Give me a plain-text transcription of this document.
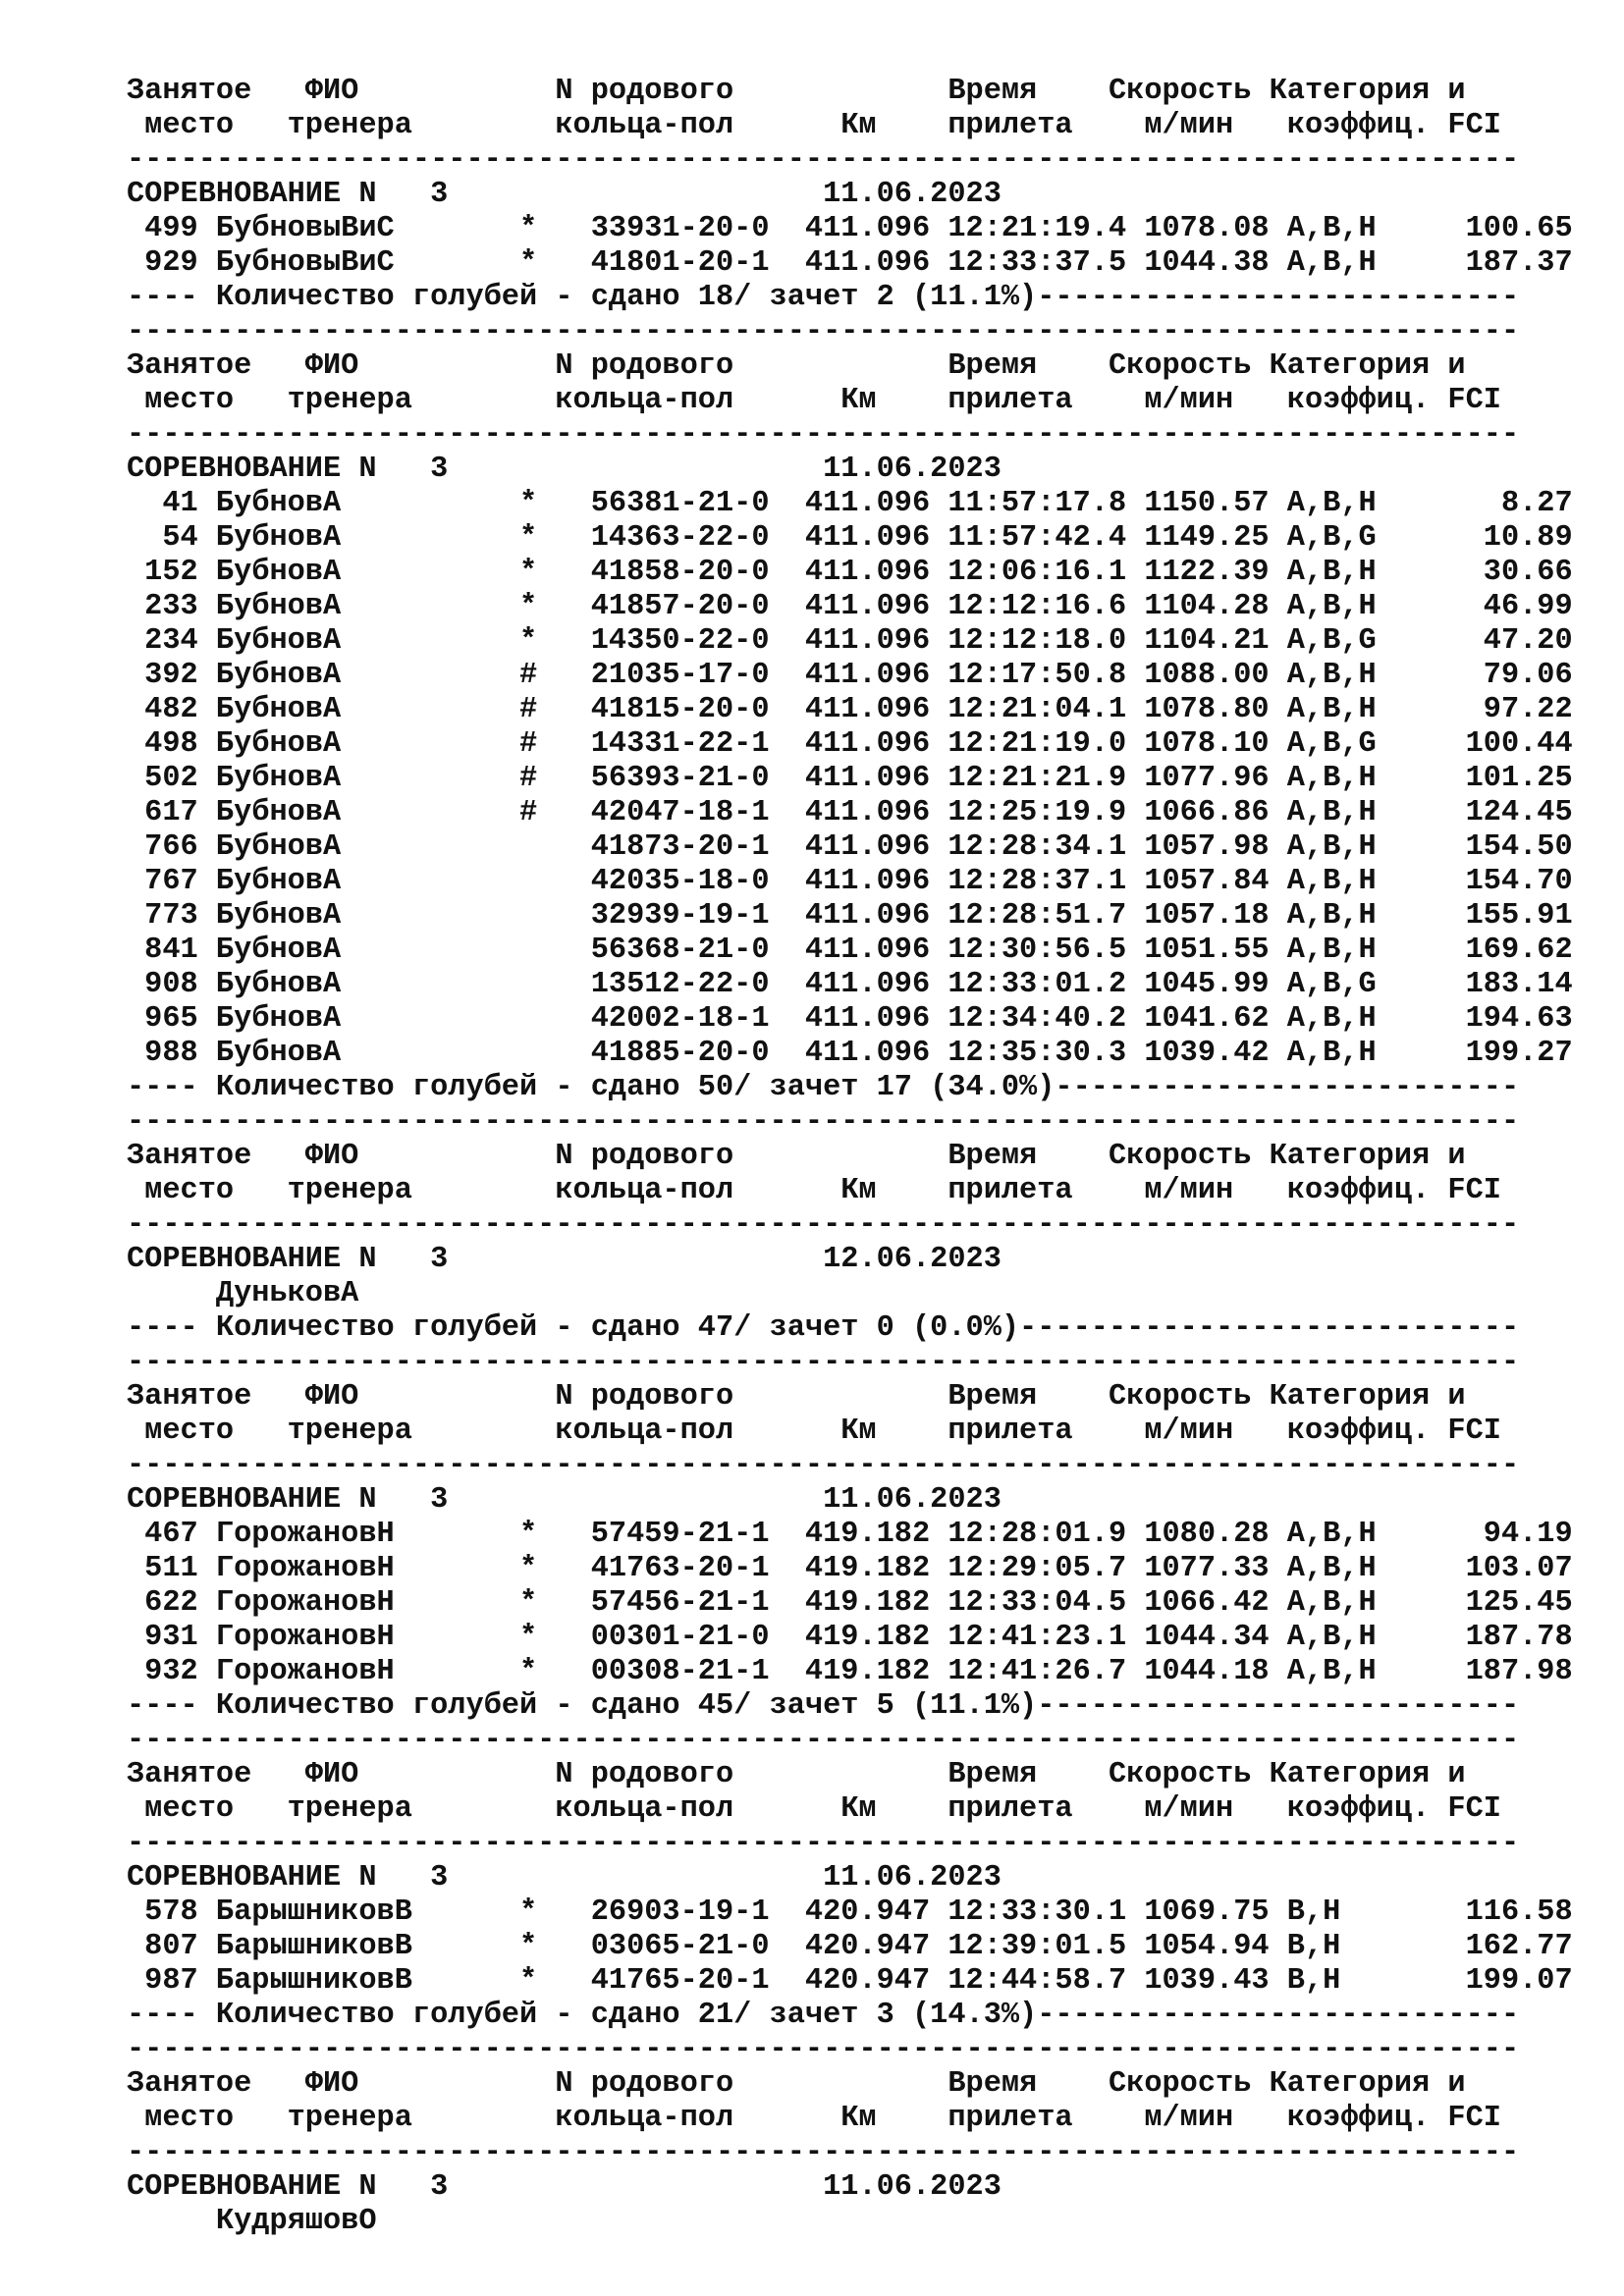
Занятое   ФИО           N родового            Время    Скорость Категория и
место   тренера        кольца-пол      Км    прилета    м/мин   коэффиц. FCI
------------------------------------------------------------------------------
СОРЕВНОВАНИЕ N   3                     11.06.2023
499 БубновыВиС       *   33931-20-0  411.096 12:21:19.4 1078.08 A,B,H     100.65
929 БубновыВиС       *   41801-20-1  411.096 12:33:37.5 1044.38 A,B,H     187.37
---- Количество голубей - сдано 18/ зачет 2 (11.1%)---------------------------
------------------------------------------------------------------------------
Занятое   ФИО           N родового            Время    Скорость Категория и
место   тренера        кольца-пол      Км    прилета    м/мин   коэффиц. FCI
------------------------------------------------------------------------------
СОРЕВНОВАНИЕ N   3                     11.06.2023
41 БубновА          *   56381-21-0  411.096 11:57:17.8 1150.57 A,B,H       8.27
54 БубновА          *   14363-22-0  411.096 11:57:42.4 1149.25 A,B,G      10.89
152 БубновА          *   41858-20-0  411.096 12:06:16.1 1122.39 A,B,H      30.66
233 БубновА          *   41857-20-0  411.096 12:12:16.6 1104.28 A,B,H      46.99
234 БубновА          *   14350-22-0  411.096 12:12:18.0 1104.21 A,B,G      47.20
392 БубновА          #   21035-17-0  411.096 12:17:50.8 1088.00 A,B,H      79.06
482 БубновА          #   41815-20-0  411.096 12:21:04.1 1078.80 A,B,H      97.22
498 БубновА          #   14331-22-1  411.096 12:21:19.0 1078.10 A,B,G     100.44
502 БубновА          #   56393-21-0  411.096 12:21:21.9 1077.96 A,B,H     101.25
617 БубновА          #   42047-18-1  411.096 12:25:19.9 1066.86 A,B,H     124.45
766 БубновА              41873-20-1  411.096 12:28:34.1 1057.98 A,B,H     154.50
767 БубновА              42035-18-0  411.096 12:28:37.1 1057.84 A,B,H     154.70
773 БубновА              32939-19-1  411.096 12:28:51.7 1057.18 A,B,H     155.91
841 БубновА              56368-21-0  411.096 12:30:56.5 1051.55 A,B,H     169.62
908 БубновА              13512-22-0  411.096 12:33:01.2 1045.99 A,B,G     183.14
965 БубновА              42002-18-1  411.096 12:34:40.2 1041.62 A,B,H     194.63
988 БубновА              41885-20-0  411.096 12:35:30.3 1039.42 A,B,H     199.27
---- Количество голубей - сдано 50/ зачет 17 (34.0%)--------------------------
------------------------------------------------------------------------------
Занятое   ФИО           N родового            Время    Скорость Категория и
место   тренера        кольца-пол      Км    прилета    м/мин   коэффиц. FCI
------------------------------------------------------------------------------
СОРЕВНОВАНИЕ N   3                     12.06.2023
ДуньковА
---- Количество голубей - сдано 47/ зачет 0 (0.0%)----------------------------
------------------------------------------------------------------------------
Занятое   ФИО           N родового            Время    Скорость Категория и
место   тренера        кольца-пол      Км    прилета    м/мин   коэффиц. FCI
------------------------------------------------------------------------------
СОРЕВНОВАНИЕ N   3                     11.06.2023
467 ГорожановН       *   57459-21-1  419.182 12:28:01.9 1080.28 A,B,H      94.19
511 ГорожановН       *   41763-20-1  419.182 12:29:05.7 1077.33 A,B,H     103.07
622 ГорожановН       *   57456-21-1  419.182 12:33:04.5 1066.42 A,B,H     125.45
931 ГорожановН       *   00301-21-0  419.182 12:41:23.1 1044.34 A,B,H     187.78
932 ГорожановН       *   00308-21-1  419.182 12:41:26.7 1044.18 A,B,H     187.98
---- Количество голубей - сдано 45/ зачет 5 (11.1%)---------------------------
------------------------------------------------------------------------------
Занятое   ФИО           N родового            Время    Скорость Категория и
место   тренера        кольца-пол      Км    прилета    м/мин   коэффиц. FCI
------------------------------------------------------------------------------
СОРЕВНОВАНИЕ N   3                     11.06.2023
578 БарышниковВ      *   26903-19-1  420.947 12:33:30.1 1069.75 B,H       116.58
807 БарышниковВ      *   03065-21-0  420.947 12:39:01.5 1054.94 B,H       162.77
987 БарышниковВ      *   41765-20-1  420.947 12:44:58.7 1039.43 B,H       199.07
---- Количество голубей - сдано 21/ зачет 3 (14.3%)---------------------------
------------------------------------------------------------------------------
Занятое   ФИО           N родового            Время    Скорость Категория и
место   тренера        кольца-пол      Км    прилета    м/мин   коэффиц. FCI
------------------------------------------------------------------------------
СОРЕВНОВАНИЕ N   3                     11.06.2023
КудряшовО
